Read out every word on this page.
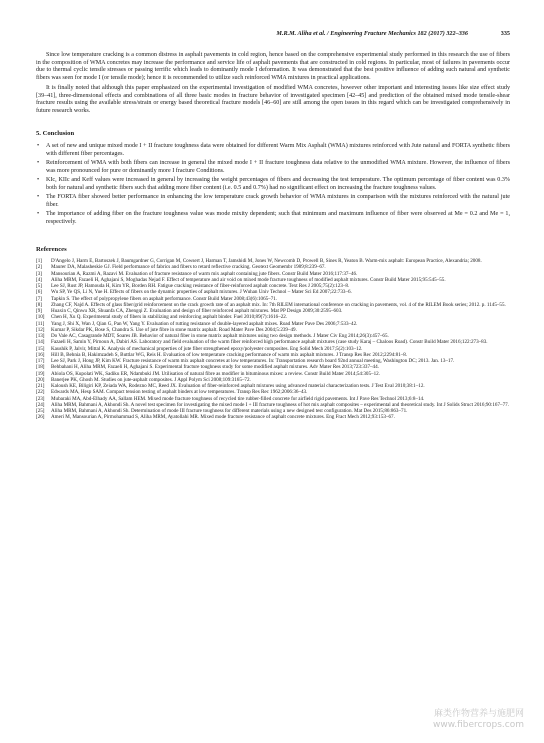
M.R.M. Aliha et al. / Engineering Fracture Mechanics 182 (2017) 322–336	335

Since low temperature cracking is a common distress in asphalt pavements in cold region, hence based on the comprehensive experimental study performed in this research the use of fibers in the composition of WMA concretes may increase the performance and service life of asphalt pavements that are constructed in cold regions. In particular, most of failures in pavements occur due to thermal cyclic tensile stresses or passing terrific which leads to dominantly mode I deformation. It was demonstrated that the best positive influence of adding such natural and synthetic fibers was seen for mode I (or tensile mode); hence it is recommended to utilize such reinforced WMA mixtures in practical applications.

It is finally noted that although this paper emphasized on the experimental investigation of modified WMA concretes, however other important and interesting issues like size effect study [39–41], three-dimensional effects and combinations of all three basic modes in fracture behavior of investigated specimen [42–45] and prediction of the obtained mixed mode tensile-shear fracture results using the available stress/strain or energy based theoretical fracture models [46–60] are still among the open issues in this regard which can be investigated comprehensively in future research works.

5. Conclusion
• A set of new and unique mixed mode I + II fracture toughness data were obtained for different Warm Mix Asphalt (WMA) mixtures reinforced with Jute natural and FORTA synthetic fibers with different fiber percentages.
• Reinforcement of WMA with both fibers can increase in general the mixed mode I + II fracture toughness data relative to the unmodified WMA mixture. However, the influence of fibers was more pronounced for pure or dominantly more I fracture Conditions.
• KIc, KIIc and Keff values were increased in general by increasing the weight percentages of fibers and decreasing the test temperature. The optimum percentage of fiber content was 0.3% both for natural and synthetic fibers such that adding more fiber content (i.e. 0.5 and 0.7%) had no significant effect on increasing the fracture toughness values.
• The FORTA fiber showed better performance in enhancing the low temperature crack growth behavior of WMA mixtures in comparison with the mixtures reinforced with the natural jute fiber.
• The importance of adding fiber on the fracture toughness value was mode mixity dependent; such that minimum and maximum influence of fiber were observed at Me = 0.2 and Me = 1, respectively.
References
[1] D'Angelo J, Harm E, Bartoszek J, Baumgardner G, Corrigan M, Cowsert J, Harman T, Jamshidi M, Jones W, Newcomb D, Prowell B, Sines R, Yeaton B. Warm-mix asphalt: European Practice, Alexandria; 2008.
[2] Maurer DA, Malasheskie GJ. Field performance of fabrics and fibers to retard reflective cracking. Geotext Geomembr 1989;8:239–67.
[3] Mansourian A, Razmi A, Razavi M. Evaluation of fracture resistance of warm mix asphalt containing jute fibers. Constr Build Mater 2016;117:37–46.
[4] Aliha MRM, Fazaeli H, Aghajani S, Moghadas Nejad F. Effect of temperature and air void on mixed mode fracture toughness of modified asphalt mixtures. Constr Build Mater 2015;95:545–55.
[5] Lee SJ, Rust JP, Hamouda H, Kim YR, Borden RH. Fatigue cracking resistance of fiber-reinforced asphalt concrete. Text Res J 2005;75(2):123–8.
[6] Wu SP, Ye QS, Li N, Yue H. Effects of fibers on the dynamic properties of asphalt mixtures. J Wuhan Univ Technol – Mater Sci Ed 2007;22:733–6.
[7] Tapkin S. The effect of polypropylene fibers on asphalt performance. Constr Build Mater 2008;43(6):1065–71.
[8] Zhang CF, Najd A. Effects of glass fiber/grid reinforcement on the crack growth rate of an asphalt mix. In: 7th RILEM international conference on cracking in pavements, vol. 4 of the RILEM Book series; 2012. p. 1145–55.
[9] Huaxin C, Qinwu XR, Shuanfa CA, Zhengqi Z. Evaluation and design of fiber reinforced asphalt mixtures. Mat PP Design 2009;30:2595–603.
[10] Chen H, Xu Q. Experimental study of fibers in stabilizing and reinforcing asphalt binder. Fuel 2010;89(7):1616–22.
[11] Yang J, Shi X, Wan J, Qian G, Pan W, Yang Y. Evaluation of rutting resistance of double-layered asphalt mixes. Road Mater Pave Des 2006;7:533–42.
[12] Kumar P, Sikdar PK, Bose S, Chandra S. Use of jute fibre in stone matrix asphalt. Road Mater Pave Des 2004;5:239–49.
[13] Do Vale AC, Casagrande MDT, Soares JB. Behavior of natural fiber in stone matrix asphalt mixtures using two design methods. J Mater Civ Eng 2014;26(3):457–65.
[14] Fazaeli H, Samin Y, Pirnoun A, Dabiri AS. Laboratory and field evaluation of the warm fiber reinforced high performance asphalt mixtures (case study Karaj – Chaloos Road). Constr Build Mater 2016;122:273–83.
[15] Kaushik P, Jalvir, Mittal K. Analysis of mechanical properties of jute fiber strengthened epoxy/polyester composites. Eng Solid Mech 2017;5(2):103–12.
[16] Hill B, Behnia B, Hakimzadeh S, Buttlar WG, Reis H. Evaluation of low temperature cracking performance of warm mix asphalt mixtures. J Transp Res Rec 2012;2294:81–8.
[17] Lee SJ, Park J, Hong JP, Kim KW. Fracture resistance of warm mix asphalt concretes at low temperatures. In: Transportation research board 92nd annual meeting, Washington DC; 2013. Jan. 13–17.
[18] Behbahani H, Aliha MRM, Fazaeli H, Aghajani S. Experimental fracture toughness study for some modified asphalt mixtures. Adv Mater Res 2013;723:337–44.
[19] Abiola OS, Kupolati WK, Sadiku ER, Ndambuki JM. Utilisation of natural fibre as modifier in bituminous mixes: a review. Constr Build Mater 2014;54:305–12.
[20] Banerjee PK, Ghosh M. Studies on jute-asphalt composites. J Appl Polym Sci 2008;109:3165–72.
[21] Kaloush KE, Biligiri KP, Zeiada WA, Rodezno MC, Reed JX. Evaluation of fiber-reinforced asphalt mixtures using advanced material characterization tests. J Test Eval 2010;38:1–12.
[22] Edwards MA, Hesp SAM. Compact tension testing of asphalt binders at low temperatures. Transp Res Rec 1962;2006:36–43.
[23] Mubaraki MA, Abd-Elhady AA, Sallam HEM. Mixed mode fracture toughness of recycled tire rubber-filled concrete for airfield rigid pavements. Int J Pave Res Technol 2013;6:8–14.
[24] Aliha MRM, Bahmani A, Akhondi Sh. A novel test specimen for investigating the mixed mode I + III fracture toughness of hot mix asphalt composites – experimental and theoretical study. Int J Solids Struct 2016;90:167–77.
[25] Aliha MRM, Bahmani A, Akhondi Sh. Determination of mode III fracture toughness for different materials using a new designed test configuration. Mat Des 2015;86:863–71.
[26] Ameri M, Mansourian A, Pirmohammad S, Aliha MRM, Ayatollahi MR. Mixed mode fracture resistance of asphalt concrete mixtures. Eng Fract Mech 2012;93:153–67.
麻类作物营养与施肥网
www.fibercrops.com
